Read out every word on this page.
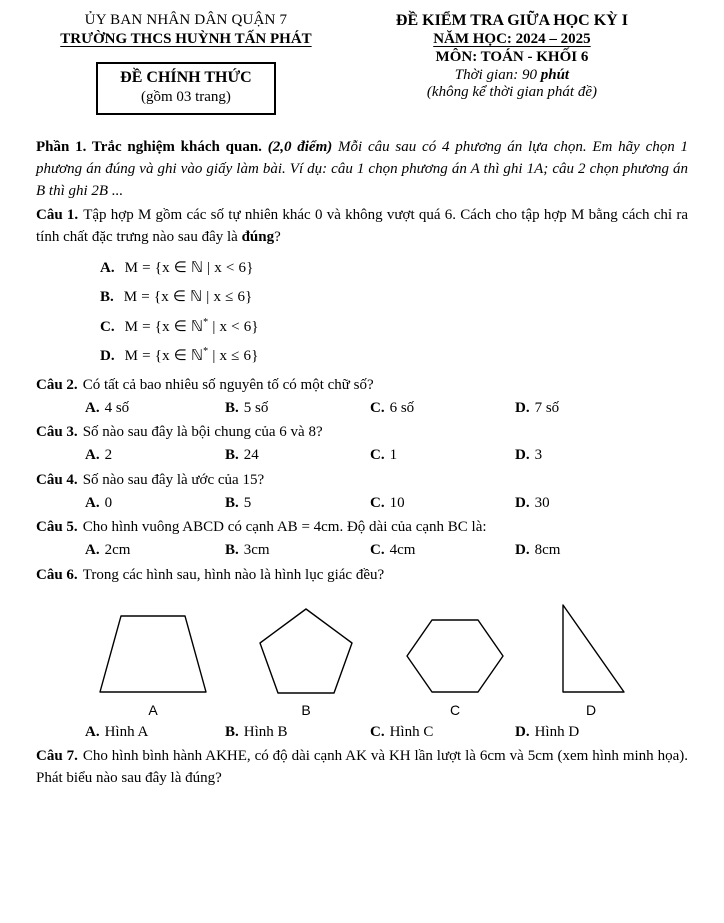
ỦY BAN NHÂN DÂN QUẬN 7
TRƯỜNG THCS HUỲNH TẤN PHÁT
ĐỀ CHÍNH THỨC
(gồm 03 trang)
ĐỀ KIỂM TRA GIỮA HỌC KỲ I
NĂM HỌC: 2024 – 2025
MÔN: TOÁN - KHỐI 6
Thời gian: 90 phút
(không kể thời gian phát đề)

Phần 1. Trắc nghiệm khách quan. (2,0 điểm) Mỗi câu sau có 4 phương án lựa chọn. Em hãy chọn 1 phương án đúng và ghi vào giấy làm bài. Ví dụ: câu 1 chọn phương án A thì ghi 1A; câu 2 chọn phương án B thì ghi 2B ...

Câu 1. Tập hợp M gồm các số tự nhiên khác 0 và không vượt quá 6. Cách cho tập hợp M bằng cách chỉ ra tính chất đặc trưng nào sau đây là đúng?

A. M = {x ∈ ℕ | x < 6}
B. M = {x ∈ ℕ | x ≤ 6}
C. M = {x ∈ ℕ* | x < 6}
D. M = {x ∈ ℕ* | x ≤ 6}

Câu 2. Có tất cả bao nhiêu số nguyên tố có một chữ số?

A. 4 số	B. 5 số	C. 6 số	D. 7 số

Câu 3. Số nào sau đây là bội chung của 6 và 8?

A. 2	B. 24	C. 1	D. 3

Câu 4. Số nào sau đây là ước của 15?

A. 0	B. 5	C. 10	D. 30

Câu 5. Cho hình vuông ABCD có cạnh AB = 4cm. Độ dài của cạnh BC là:

A. 2cm	B. 3cm	C. 4cm	D. 8cm

Câu 6. Trong các hình sau, hình nào là hình lục giác đều?

A	B	C	D
A. Hình A	B. Hình B	C. Hình C	D. Hình D

Câu 7. Cho hình bình hành AKHE, có độ dài cạnh AK và KH lần lượt là 6cm và 5cm (xem hình minh họa). Phát biểu nào sau đây là đúng?
